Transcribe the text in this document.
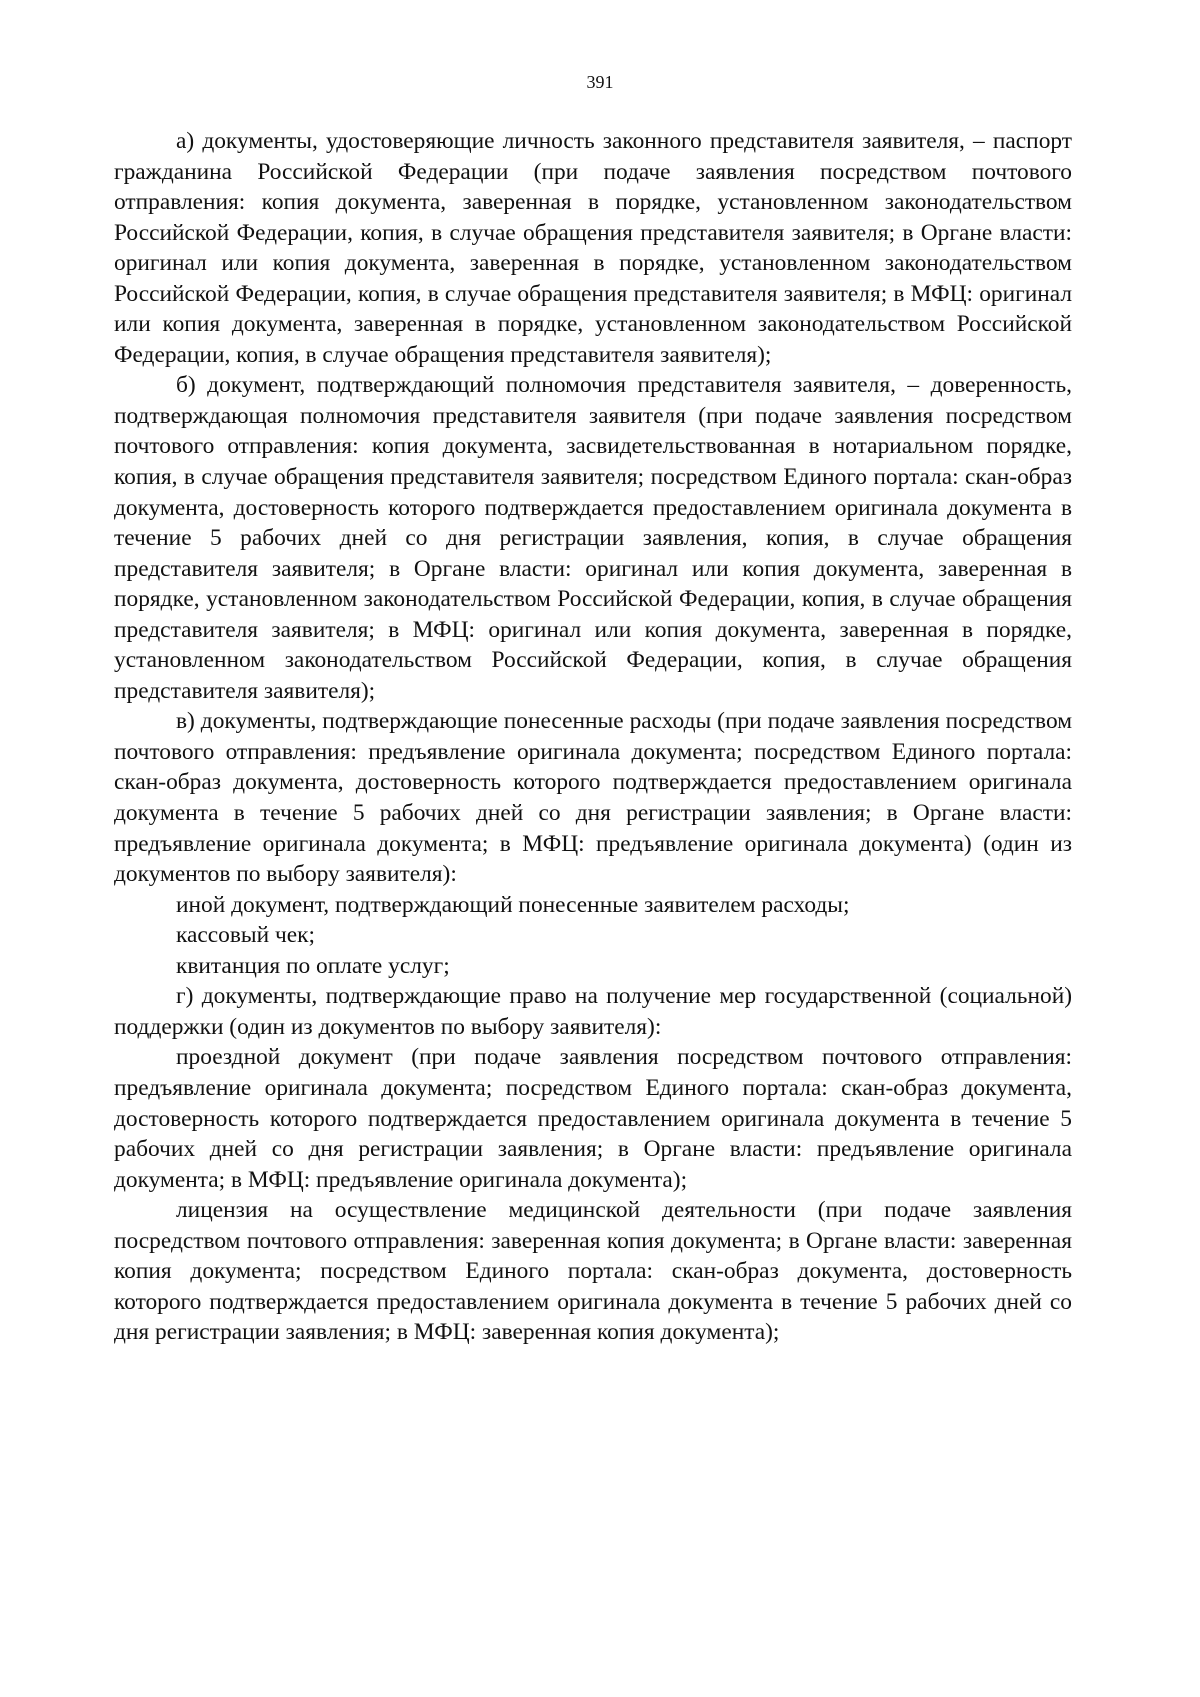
391

а) документы, удостоверяющие личность законного представителя заявителя, – паспорт гражданина Российской Федерации (при подаче заявления посредством почтового отправления: копия документа, заверенная в порядке, установленном законодательством Российской Федерации, копия, в случае обращения представителя заявителя; в Органе власти: оригинал или копия документа, заверенная в порядке, установленном законодательством Российской Федерации, копия, в случае обращения представителя заявителя; в МФЦ: оригинал или копия документа, заверенная в порядке, установленном законодательством Российской Федерации, копия, в случае обращения представителя заявителя);

б) документ, подтверждающий полномочия представителя заявителя, – доверенность, подтверждающая полномочия представителя заявителя (при подаче заявления посредством почтового отправления: копия документа, засвидетельствованная в нотариальном порядке, копия, в случае обращения представителя заявителя; посредством Единого портала: скан-образ документа, достоверность которого подтверждается предоставлением оригинала документа в течение 5 рабочих дней со дня регистрации заявления, копия, в случае обращения представителя заявителя; в Органе власти: оригинал или копия документа, заверенная в порядке, установленном законодательством Российской Федерации, копия, в случае обращения представителя заявителя; в МФЦ: оригинал или копия документа, заверенная в порядке, установленном законодательством Российской Федерации, копия, в случае обращения представителя заявителя);

в) документы, подтверждающие понесенные расходы (при подаче заявления посредством почтового отправления: предъявление оригинала документа; посредством Единого портала: скан-образ документа, достоверность которого подтверждается предоставлением оригинала документа в течение 5 рабочих дней со дня регистрации заявления; в Органе власти: предъявление оригинала документа; в МФЦ: предъявление оригинала документа) (один из документов по выбору заявителя):

иной документ, подтверждающий понесенные заявителем расходы;

кассовый чек;

квитанция по оплате услуг;

г) документы, подтверждающие право на получение мер государственной (социальной) поддержки (один из документов по выбору заявителя):

проездной документ (при подаче заявления посредством почтового отправления: предъявление оригинала документа; посредством Единого портала: скан-образ документа, достоверность которого подтверждается предоставлением оригинала документа в течение 5 рабочих дней со дня регистрации заявления; в Органе власти: предъявление оригинала документа; в МФЦ: предъявление оригинала документа);

лицензия на осуществление медицинской деятельности (при подаче заявления посредством почтового отправления: заверенная копия документа; в Органе власти: заверенная копия документа; посредством Единого портала: скан-образ документа, достоверность которого подтверждается предоставлением оригинала документа в течение 5 рабочих дней со дня регистрации заявления; в МФЦ: заверенная копия документа);
